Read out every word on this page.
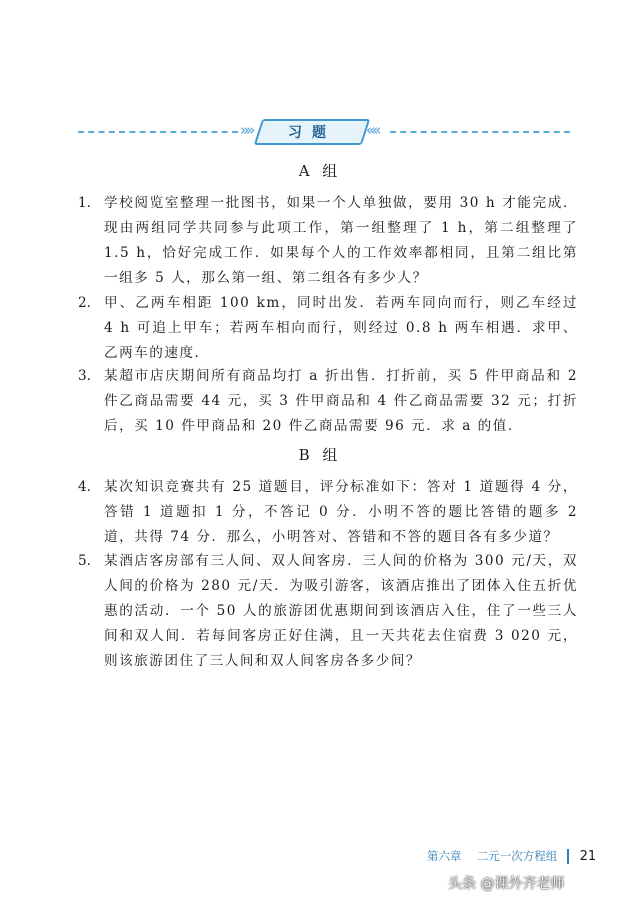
»»	习题	««
A 组
1. 学校阅览室整理一批图书，如果一个人单独做，要用 30 h 才能完成．现由两组同学共同参与此项工作，第一组整理了 1 h，第二组整理了 1.5 h，恰好完成工作．如果每个人的工作效率都相同，且第二组比第一组多 5 人，那么第一组、第二组各有多少人？
2. 甲、乙两车相距 100 km，同时出发．若两车同向而行，则乙车经过 4 h 可追上甲车；若两车相向而行，则经过 0.8 h 两车相遇．求甲、乙两车的速度．
3. 某超市店庆期间所有商品均打 a 折出售．打折前，买 5 件甲商品和 2 件乙商品需要 44 元，买 3 件甲商品和 4 件乙商品需要 32 元；打折后，买 10 件甲商品和 20 件乙商品需要 96 元．求 a 的值．
B 组
4. 某次知识竞赛共有 25 道题目，评分标准如下：答对 1 道题得 4 分，答错 1 道题扣 1 分，不答记 0 分．小明不答的题比答错的题多 2 道，共得 74 分．那么，小明答对、答错和不答的题目各有多少道？
5. 某酒店客房部有三人间、双人间客房．三人间的价格为 300 元/天，双人间的价格为 280 元/天．为吸引游客，该酒店推出了团体入住五折优惠的活动．一个 50 人的旅游团优惠期间到该酒店入住，住了一些三人间和双人间．若每间客房正好住满，且一天共花去住宿费 3 020 元，则该旅游团住了三人间和双人间客房各多少间？
第六章 二元一次方程组 21
头条 @课外齐老师
